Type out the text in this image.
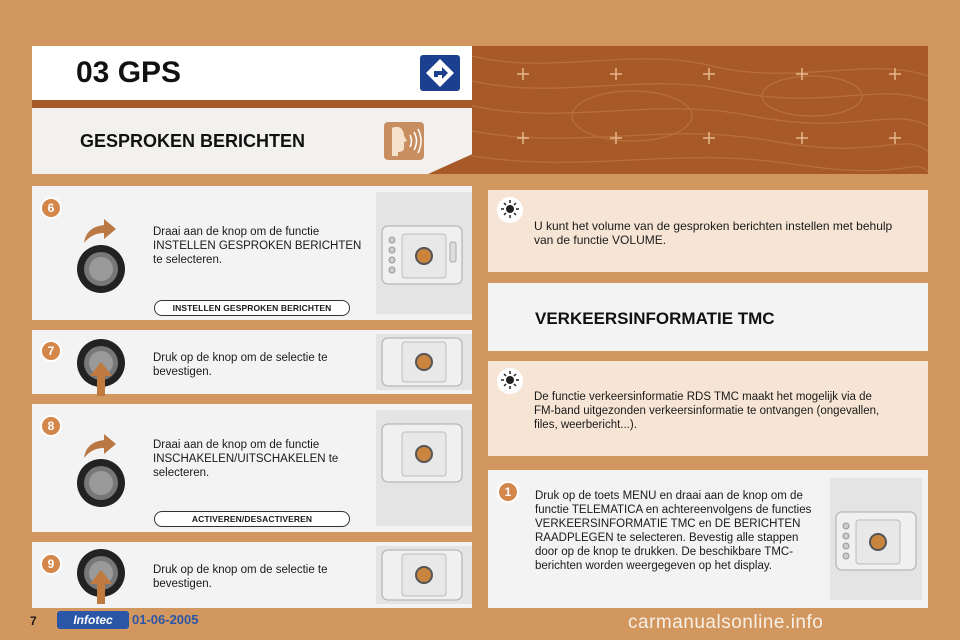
03 GPS
GESPROKEN BERICHTEN
6
Draai aan de knop om de functie INSTELLEN GESPROKEN BERICHTEN te selecteren.
INSTELLEN GESPROKEN BERICHTEN
7	Druk op de knop om de selectie te bevestigen.
8
Draai aan de knop om de functie INSCHAKELEN/UITSCHAKELEN te selecteren.
ACTIVEREN/DESACTIVEREN
9	Druk op de knop om de selectie te bevestigen.
U kunt het volume van de gesproken berichten instellen met behulp van de functie VOLUME.
VERKEERSINFORMATIE TMC
De functie verkeersinformatie RDS TMC maakt het mogelijk via de FM-band uitgezonden verkeersinformatie te ontvangen (ongevallen, files, weerbericht...).
1	Druk op de toets MENU en draai aan de knop om de functie TELEMATICA en achtereenvolgens de functies VERKEERSINFORMATIE TMC en DE BERICHTEN RAADPLEGEN te selecteren. Bevestig alle stappen door op de knop te drukken. De beschikbare TMC-berichten worden weergegeven op het display.
7	Infotec	01-06-2005	carmanualsonline.info
